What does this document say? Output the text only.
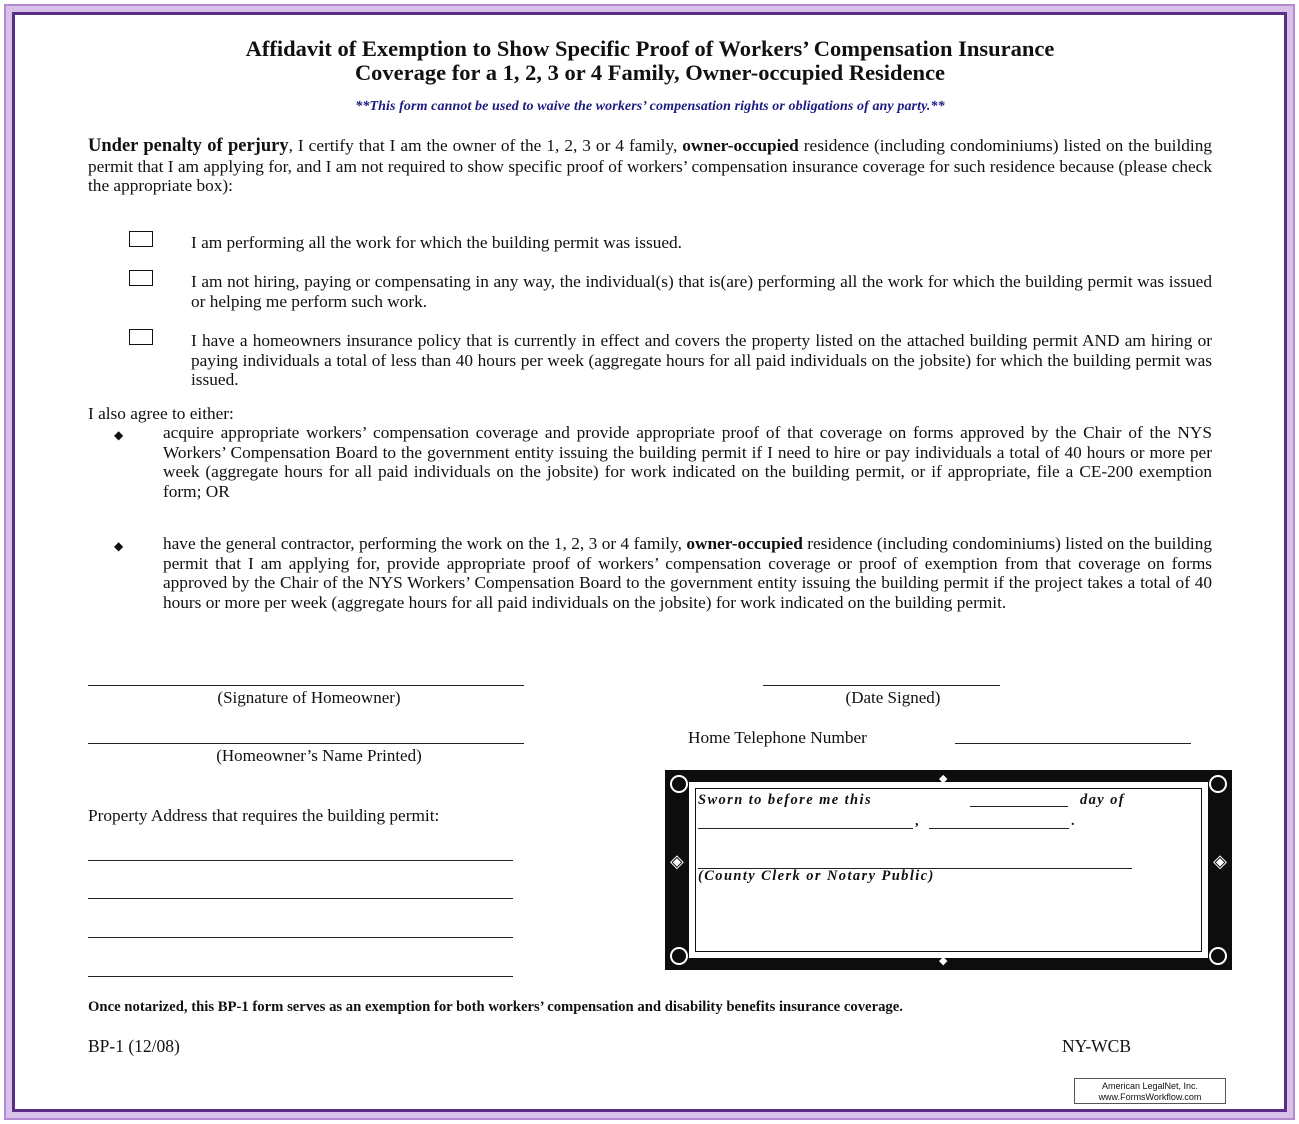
Affidavit of Exemption to Show Specific Proof of Workers’ Compensation Insurance
Coverage for a 1, 2, 3 or 4 Family, Owner-occupied Residence
**This form cannot be used to waive the workers’ compensation rights or obligations of any party.**
Under penalty of perjury, I certify that I am the owner of the 1, 2, 3 or 4 family, owner-occupied residence (including condominiums) listed on the building permit that I am applying for, and I am not required to show specific proof of workers’ compensation insurance coverage for such residence because (please check the appropriate box):
I am performing all the work for which the building permit was issued.
I am not hiring, paying or compensating in any way, the individual(s) that is(are) performing all the work for which the building permit was issued or helping me perform such work.
I have a homeowners insurance policy that is currently in effect and covers the property listed on the attached building permit AND am hiring or paying individuals a total of less than 40 hours per week (aggregate hours for all paid individuals on the jobsite) for which the building permit was issued.
I also agree to either:
◆ acquire appropriate workers’ compensation coverage and provide appropriate proof of that coverage on forms approved by the Chair of the NYS Workers’ Compensation Board to the government entity issuing the building permit if I need to hire or pay individuals a total of 40 hours or more per week (aggregate hours for all paid individuals on the jobsite) for work indicated on the building permit, or if appropriate, file a CE-200 exemption form; OR
◆ have the general contractor, performing the work on the 1, 2, 3 or 4 family, owner-occupied residence (including condominiums) listed on the building permit that I am applying for, provide appropriate proof of workers’ compensation coverage or proof of exemption from that coverage on forms approved by the Chair of the NYS Workers’ Compensation Board to the government entity issuing the building permit if the project takes a total of 40 hours or more per week (aggregate hours for all paid individuals on the jobsite) for work indicated on the building permit.
(Signature of Homeowner)	(Date Signed)
(Homeowner’s Name Printed)
Home Telephone Number
Property Address that requires the building permit:
◈	◈
◆
◆
Sworn to before me this	day of
,	.
(County Clerk or Notary Public)
Once notarized, this BP-1 form serves as an exemption for both workers’ compensation and disability benefits insurance coverage.
BP-1 (12/08)	NY-WCB
American LegalNet, Inc.
www.FormsWorkflow.com
